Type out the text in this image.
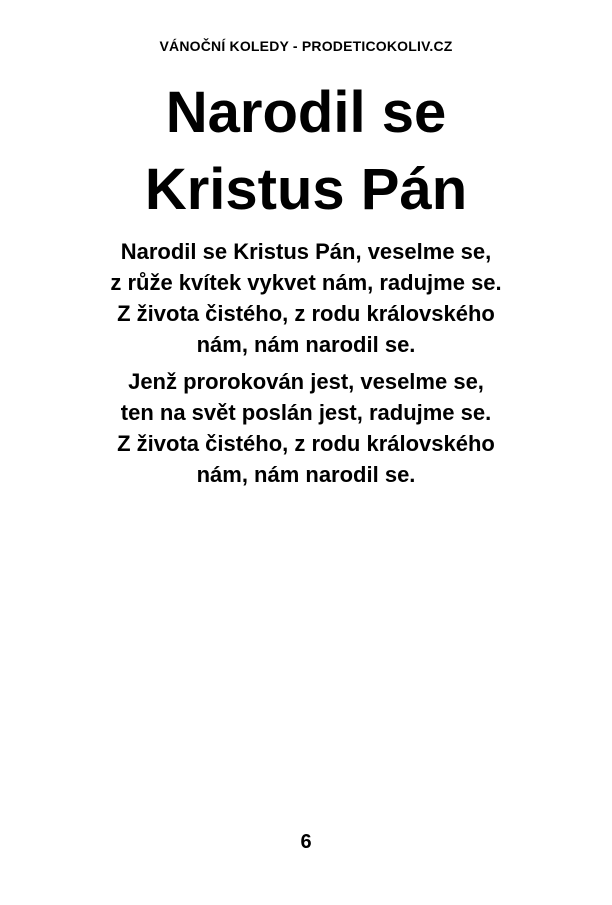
VÁNOČNÍ KOLEDY - PRODETICOKOLIV.CZ
Narodil se
Kristus Pán

Narodil se Kristus Pán, veselme se,
z růže kvítek vykvet nám, radujme se.
Z života čistého, z rodu královského
nám, nám narodil se.

Jenž prorokován jest, veselme se,
ten na svět poslán jest, radujme se.
Z života čistého, z rodu královského
nám, nám narodil se.

6
